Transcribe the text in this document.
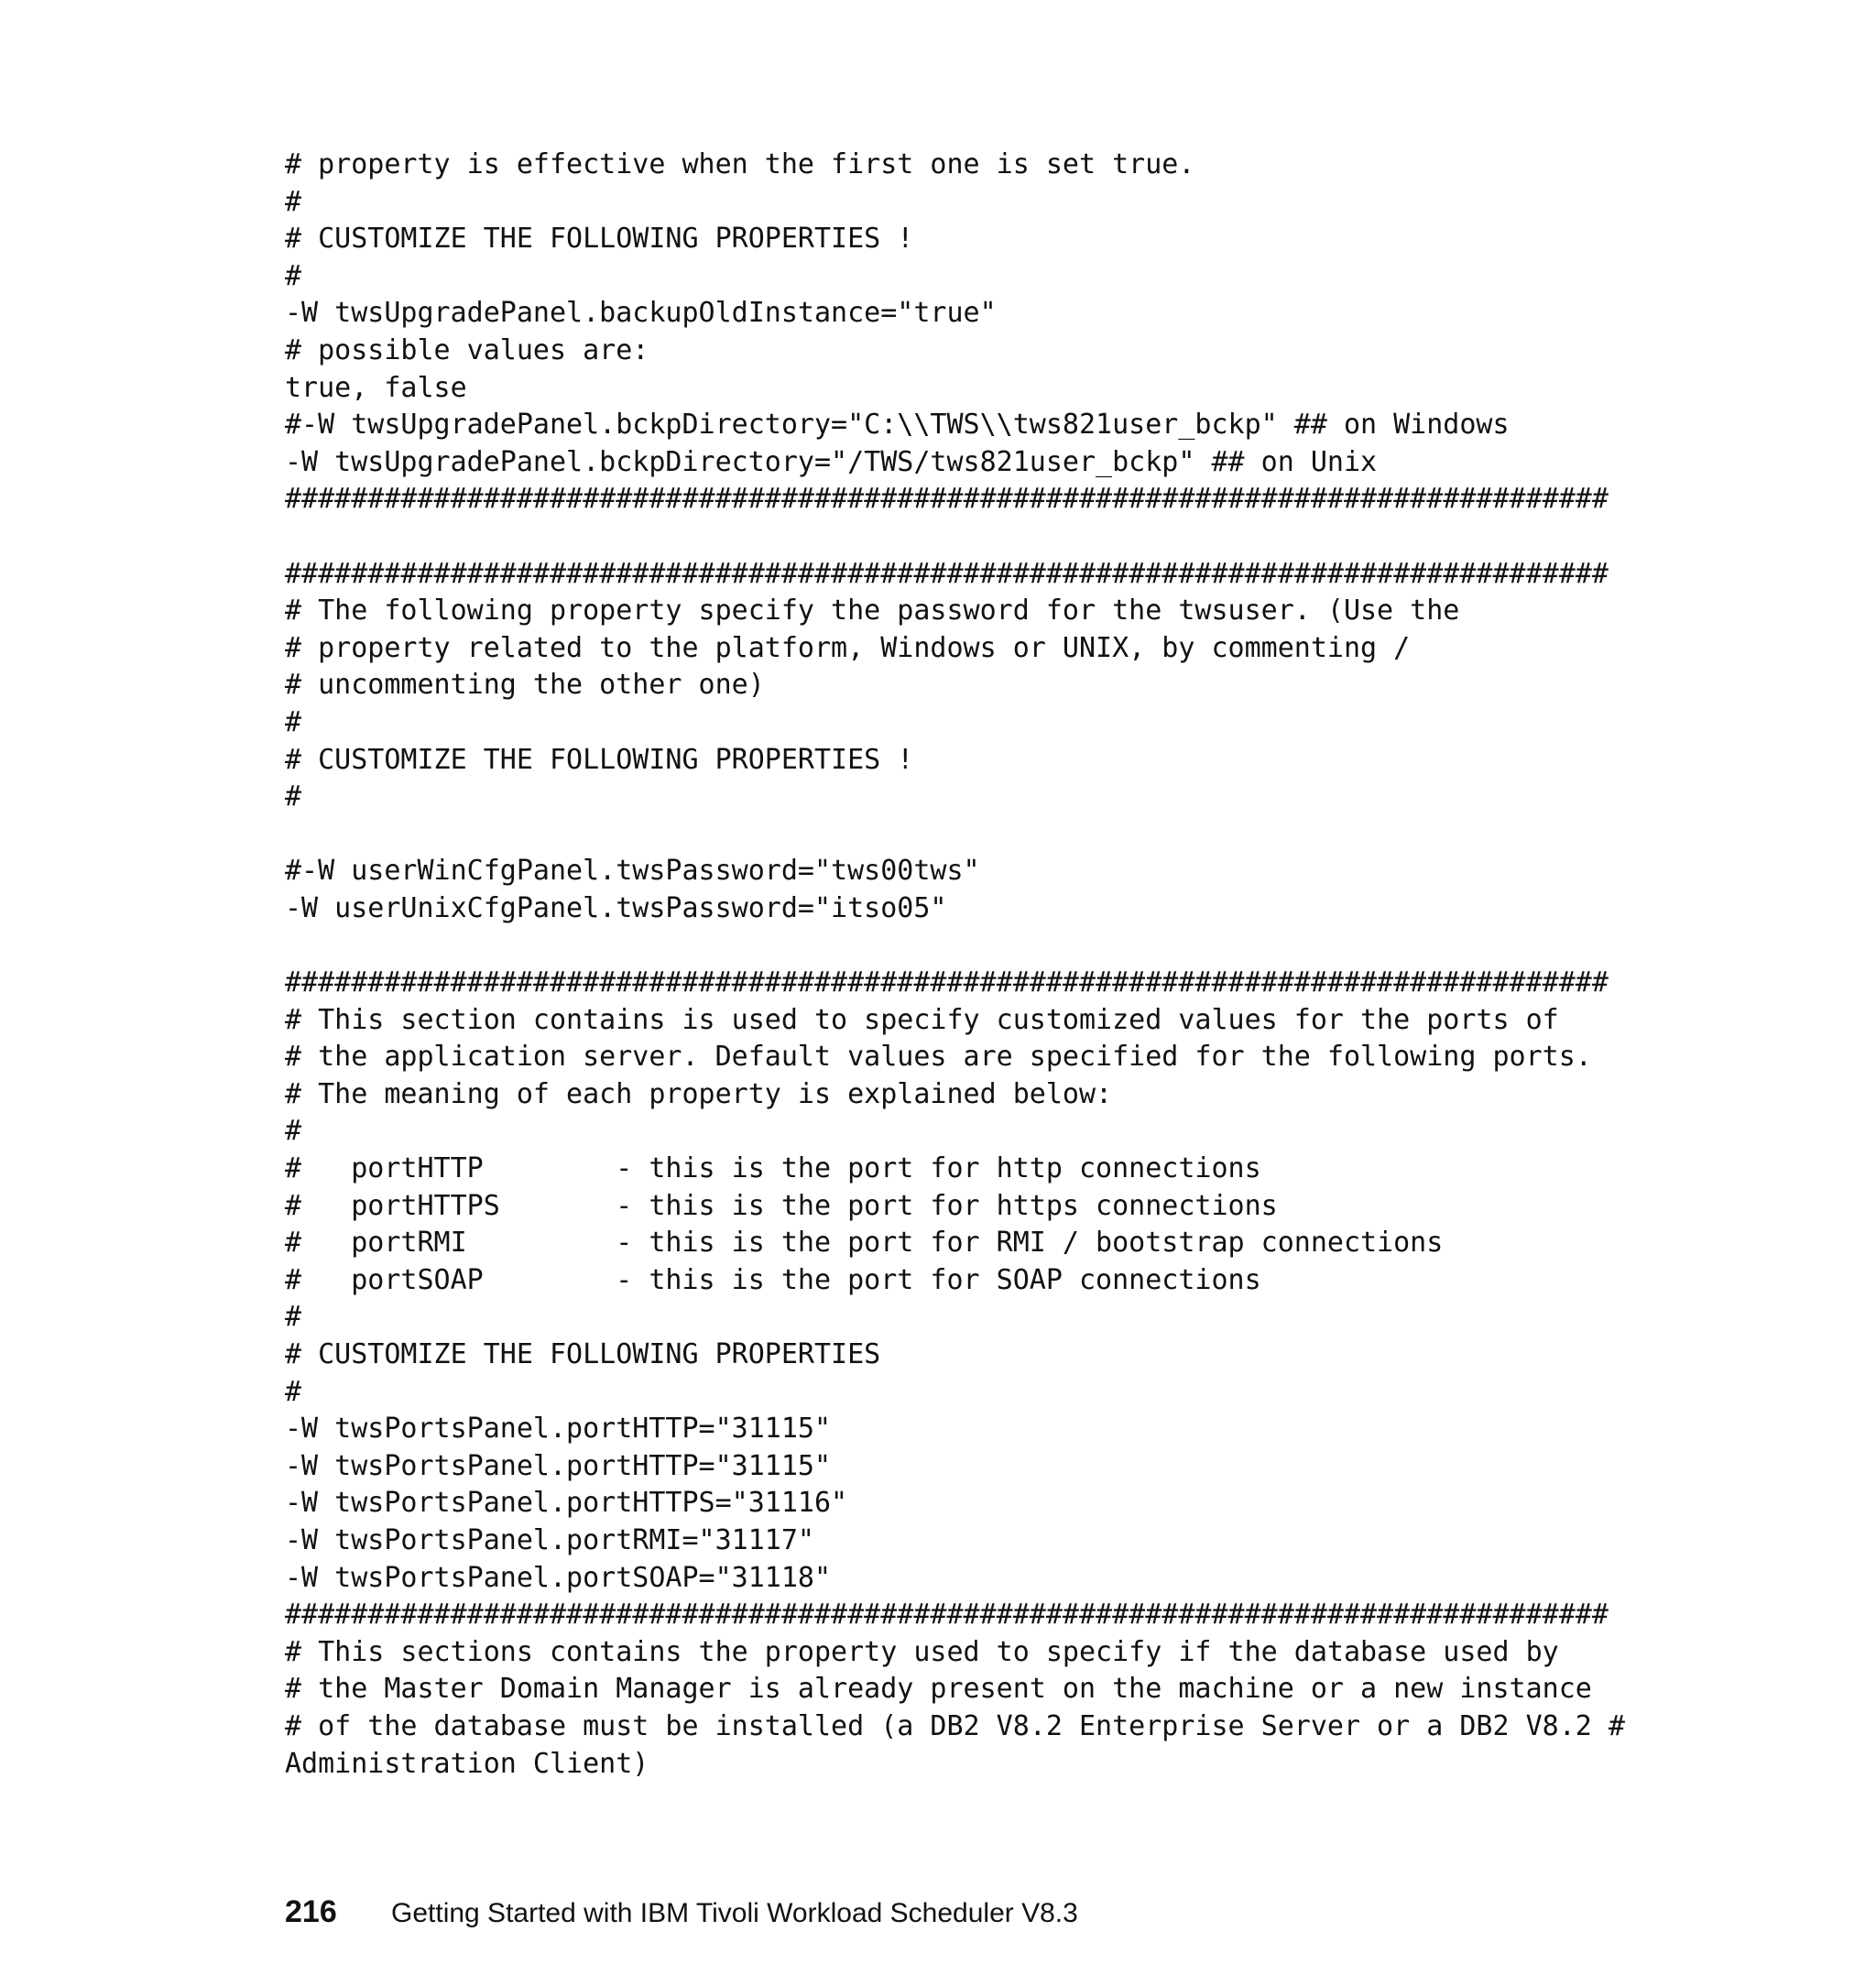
# property is effective when the first one is set true.
#
# CUSTOMIZE THE FOLLOWING PROPERTIES !
#
-W twsUpgradePanel.backupOldInstance="true"
# possible values are:
true, false
#-W twsUpgradePanel.bckpDirectory="C:\\TWS\\tws821user_bckp" ## on Windows
-W twsUpgradePanel.bckpDirectory="/TWS/tws821user_bckp" ## on Unix
################################################################################
################################################################################
# The following property specify the password for the twsuser. (Use the
# property related to the platform, Windows or UNIX, by commenting /
# uncommenting the other one)
#
# CUSTOMIZE THE FOLLOWING PROPERTIES !
#
#-W userWinCfgPanel.twsPassword="tws00tws"
-W userUnixCfgPanel.twsPassword="itso05"
################################################################################
# This section contains is used to specify customized values for the ports of
# the application server. Default values are specified for the following ports.
# The meaning of each property is explained below:
#
#   portHTTP        - this is the port for http connections
#   portHTTPS       - this is the port for https connections
#   portRMI         - this is the port for RMI / bootstrap connections
#   portSOAP        - this is the port for SOAP connections
#
# CUSTOMIZE THE FOLLOWING PROPERTIES
#
-W twsPortsPanel.portHTTP="31115"
-W twsPortsPanel.portHTTP="31115"
-W twsPortsPanel.portHTTPS="31116"
-W twsPortsPanel.portRMI="31117"
-W twsPortsPanel.portSOAP="31118"
################################################################################
# This sections contains the property used to specify if the database used by
# the Master Domain Manager is already present on the machine or a new instance
# of the database must be installed (a DB2 V8.2 Enterprise Server or a DB2 V8.2 #
Administration Client)
216	Getting Started with IBM Tivoli Workload Scheduler V8.3
